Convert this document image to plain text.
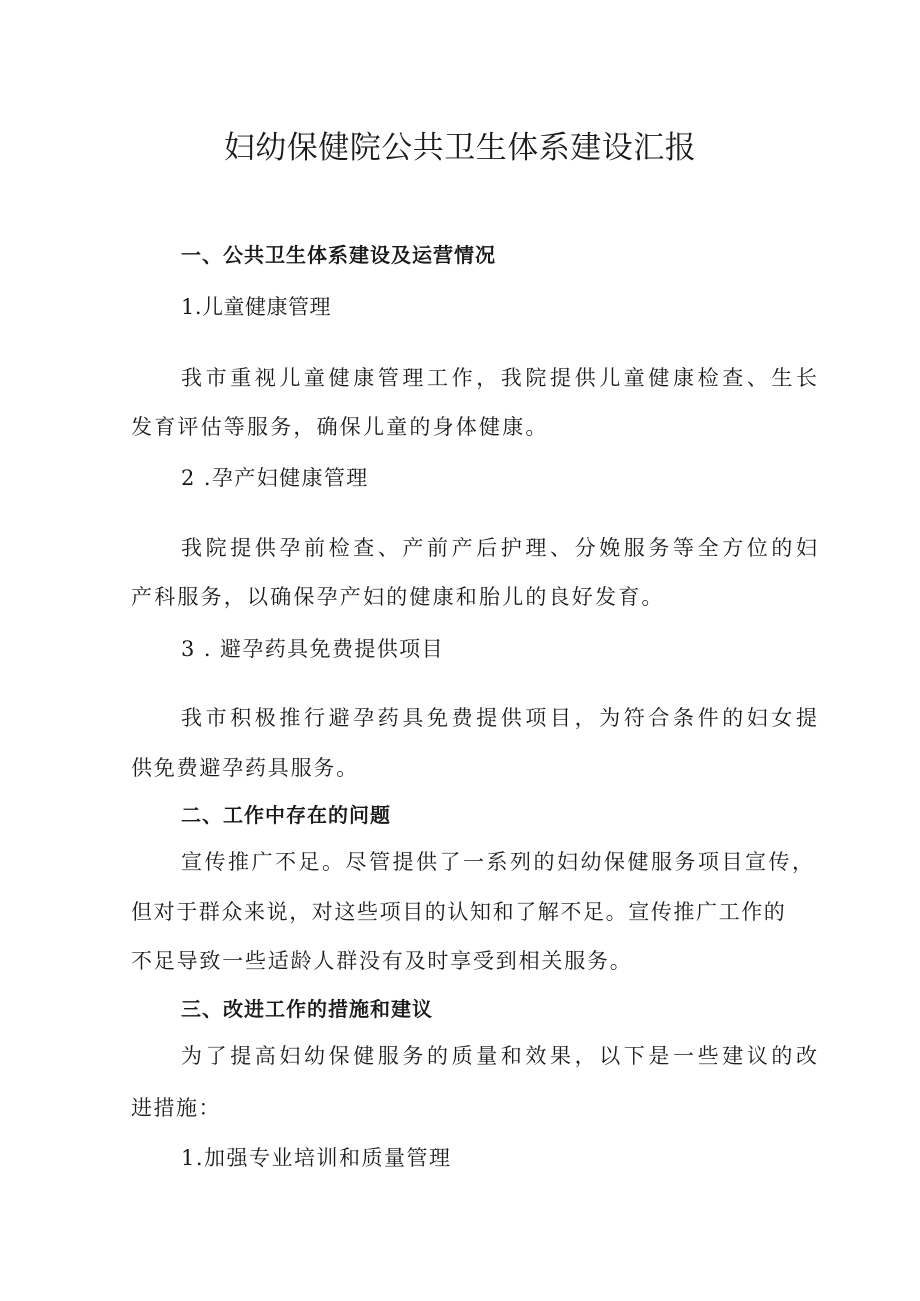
妇幼保健院公共卫生体系建设汇报
一、公共卫生体系建设及运营情况
1.儿童健康管理
我市重视儿童健康管理工作，我院提供儿童健康检查、生长
发育评估等服务，确保儿童的身体健康。
2 .孕产妇健康管理
我院提供孕前检查、产前产后护理、分娩服务等全方位的妇
产科服务，以确保孕产妇的健康和胎儿的良好发育。
3 . 避孕药具免费提供项目
我市积极推行避孕药具免费提供项目，为符合条件的妇女提
供免费避孕药具服务。
二、工作中存在的问题
宣传推广不足。尽管提供了一系列的妇幼保健服务项目宣传，
但对于群众来说，对这些项目的认知和了解不足。宣传推广工作的
不足导致一些适龄人群没有及时享受到相关服务。
三、改进工作的措施和建议
为了提高妇幼保健服务的质量和效果，以下是一些建议的改
进措施：
1.加强专业培训和质量管理
